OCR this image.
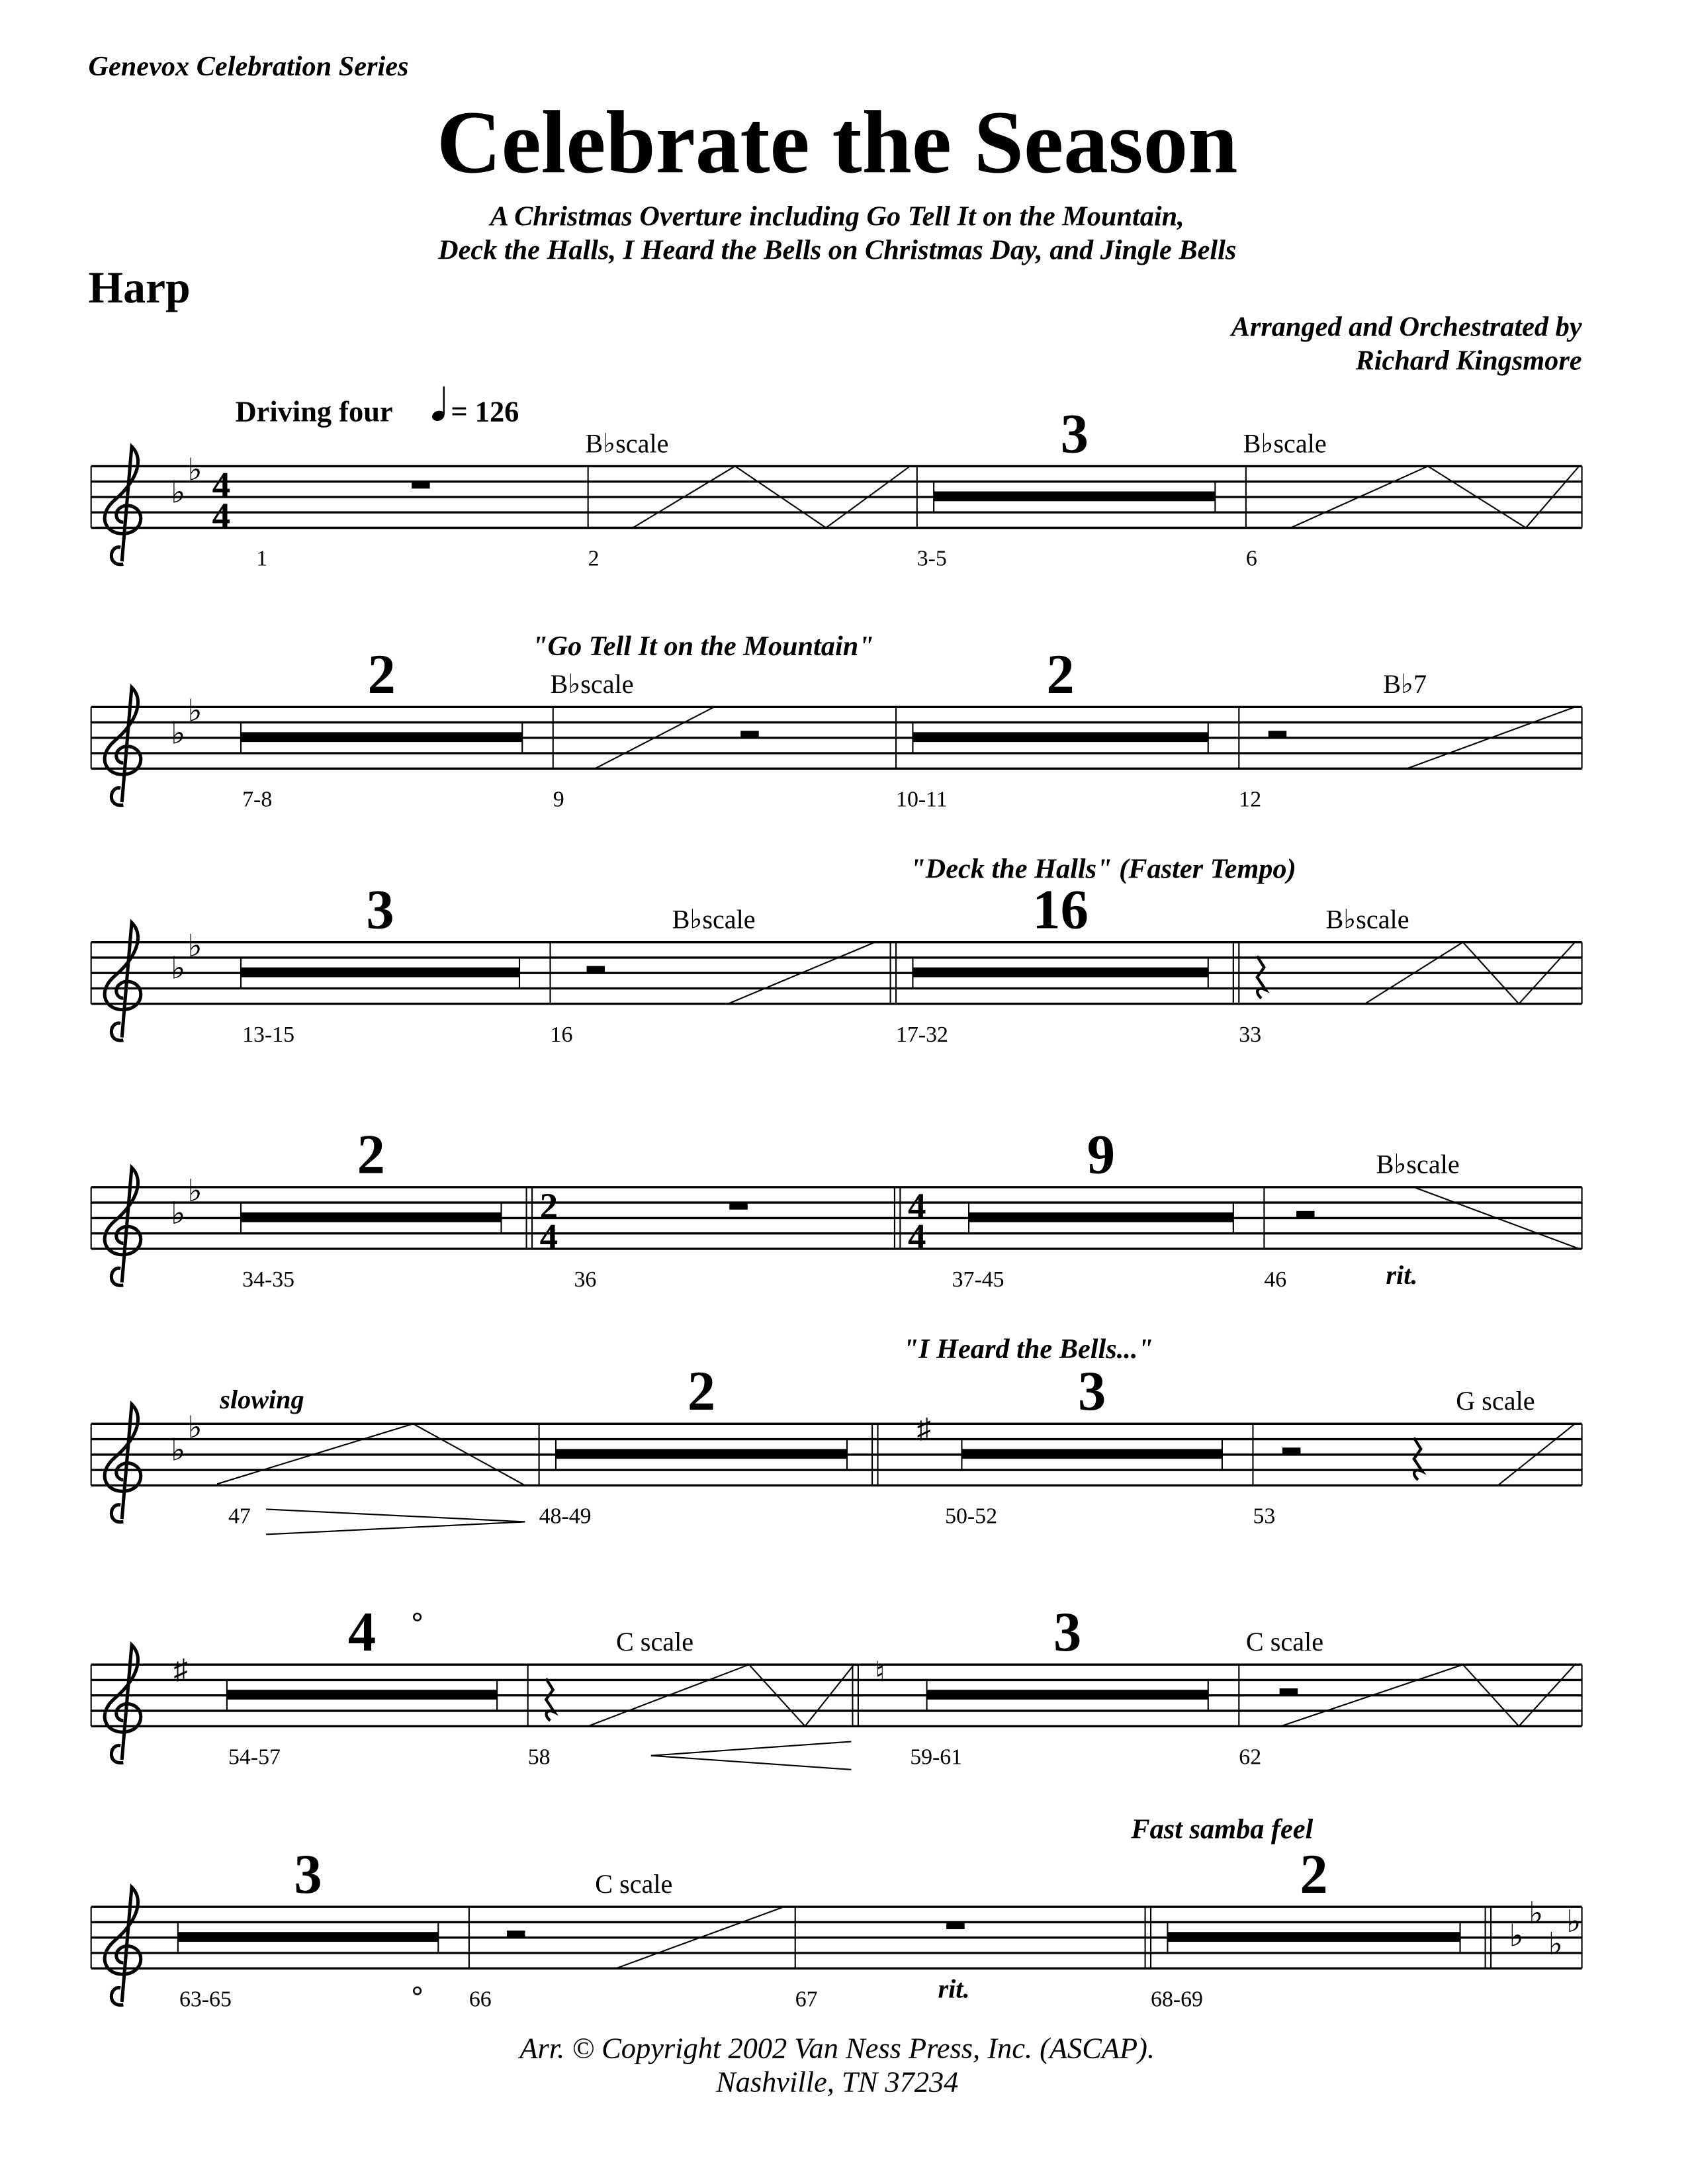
Genevox Celebration Series
Celebrate the Season
A Christmas Overture including Go Tell It on the Mountain,
Deck the Halls, I Heard the Bells on Christmas Day, and Jingle Bells
Harp
Arranged and Orchestrated by
Richard Kingsmore
Driving four	= 126
♭
♭ 4
4
1	2
B♭scale
3-5
3
6
B♭scale
♭
♭
"Go Tell It on the Mountain"
7-8
2
9
B♭scale
10-11
2
12
B♭7
♭
♭
"Deck the Halls" (Faster Tempo)
13-15
3
16
B♭scale
17-32
16
33
B♭scale
♭
♭	2
4
4
4
34-35
2
36	37-45
9
46
B♭scale
rit.
♭
♭	♯
"I Heard the Bells..."
47
slowing
48-49
2
50-52
3
53
G scale
♯	♮
54-57
4
58
C scale
59-61
3
62
C scale
♭
♭
♭
♭
Fast samba feel
63-65
3
66
C scale
67	rit.	68-69
2
Arr. © Copyright 2002 Van Ness Press, Inc. (ASCAP).
Nashville, TN 37234
